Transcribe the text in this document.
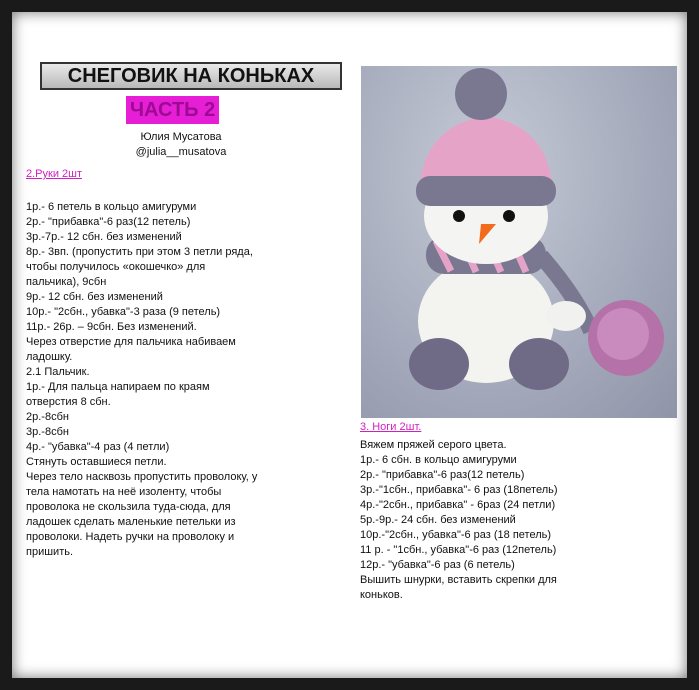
СНЕГОВИК НА КОНЬКАХ
ЧАСТЬ 2
Юлия Мусатова
@julia__musatova
2.Руки 2шт
1р.- 6 петель в кольцо амигуруми
2р.- "прибавка"-6 раз(12 петель)
3р.-7р.- 12 сбн. без изменений
8р.- 3вп. (пропустить при этом 3 петли ряда,
чтобы получилось «окошечко» для
пальчика), 9сбн
9р.- 12 сбн. без изменений
10р.- "2сбн., убавка"-3 раза (9 петель)
11р.- 26р. – 9сбн. Без изменений.
Через отверстие для пальчика набиваем
ладошку.
2.1 Пальчик.
1р.- Для пальца напираем по краям
отверстия 8 сбн.
2р.-8сбн
3р.-8сбн
4р.- "убавка"-4 раз (4 петли)
Стянуть оставшиеся петли.
Через тело насквозь пропустить проволоку, у
тела намотать на неё изоленту, чтобы
проволока не скользила туда-сюда, для
ладошек сделать маленькие петельки из
проволоки. Надеть ручки на проволоку и
пришить.
3. Ноги 2шт.
Вяжем пряжей серого цвета.
1р.- 6 сбн. в кольцо амигуруми
2р.- "прибавка"-6 раз(12 петель)
3р.-"1сбн., прибавка"- 6 раз (18петель)
4р.-"2сбн., прибавка" - 6раз (24 петли)
5р.-9р.- 24 сбн. без изменений
10р.-"2сбн., убавка"-6 раз (18 петель)
11 р. - "1сбн., убавка"-6 раз (12петель)
12р.- "убавка"-6 раз (6 петель)
Вышить шнурки, вставить скрепки для
коньков.
